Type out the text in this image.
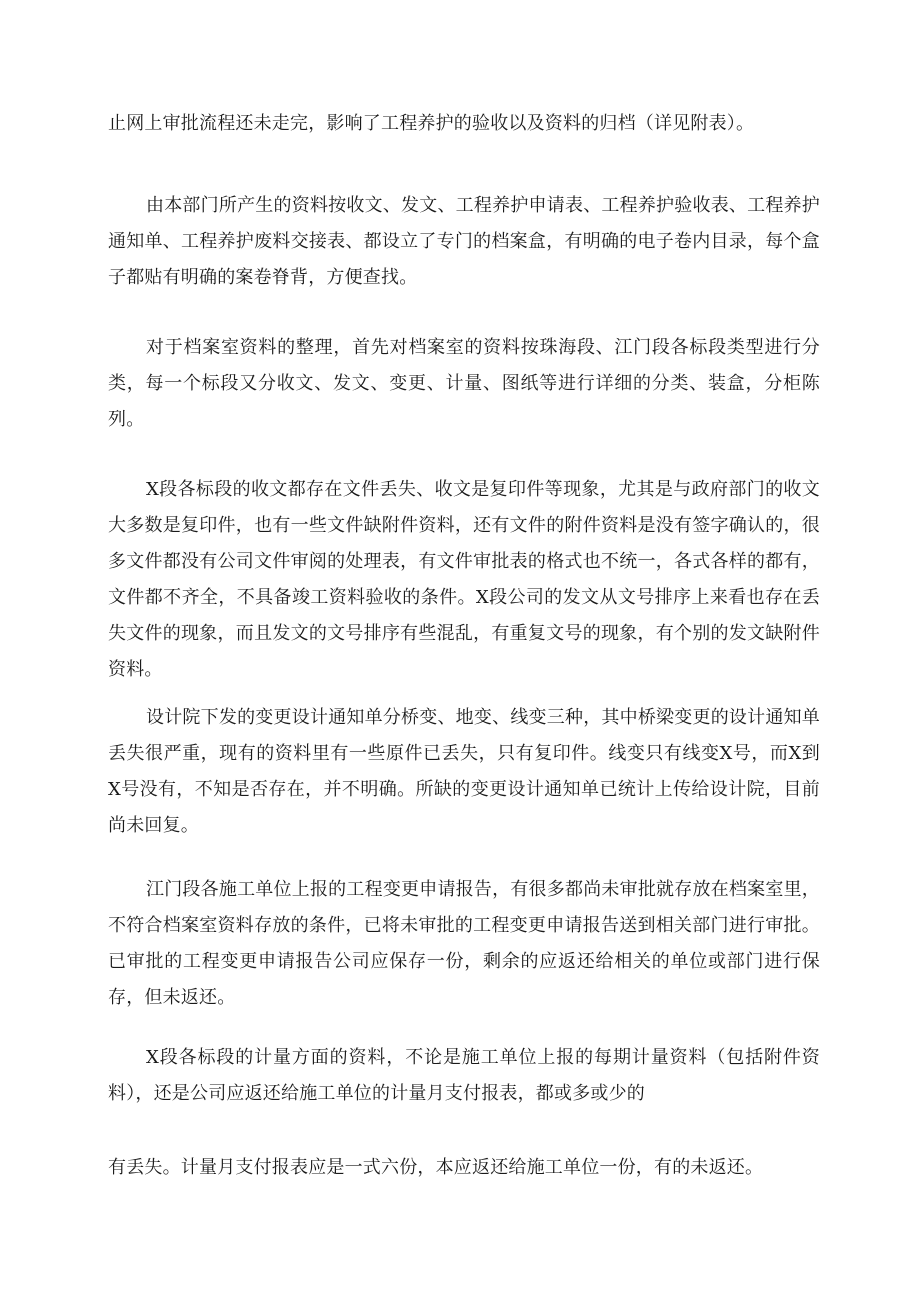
止网上审批流程还未走完，影响了工程养护的验收以及资料的归档（详见附表）。

由本部门所产生的资料按收文、发文、工程养护申请表、工程养护验收表、工程养护通知单、工程养护废料交接表、都设立了专门的档案盒，有明确的电子卷内目录，每个盒子都贴有明确的案卷脊背，方便查找。

对于档案室资料的整理，首先对档案室的资料按珠海段、江门段各标段类型进行分类，每一个标段又分收文、发文、变更、计量、图纸等进行详细的分类、装盒，分柜陈列。

X段各标段的收文都存在文件丢失、收文是复印件等现象，尤其是与政府部门的收文大多数是复印件，也有一些文件缺附件资料，还有文件的附件资料是没有签字确认的，很多文件都没有公司文件审阅的处理表，有文件审批表的格式也不统一，各式各样的都有，文件都不齐全，不具备竣工资料验收的条件。X段公司的发文从文号排序上来看也存在丢失文件的现象，而且发文的文号排序有些混乱，有重复文号的现象，有个别的发文缺附件资料。

设计院下发的变更设计通知单分桥变、地变、线变三种，其中桥梁变更的设计通知单丢失很严重，现有的资料里有一些原件已丢失，只有复印件。线变只有线变X号，而X到X号没有，不知是否存在，并不明确。所缺的变更设计通知单已统计上传给设计院，目前尚未回复。

江门段各施工单位上报的工程变更申请报告，有很多都尚未审批就存放在档案室里，不符合档案室资料存放的条件，已将未审批的工程变更申请报告送到相关部门进行审批。已审批的工程变更申请报告公司应保存一份，剩余的应返还给相关的单位或部门进行保存，但未返还。

X段各标段的计量方面的资料，不论是施工单位上报的每期计量资料（包括附件资料），还是公司应返还给施工单位的计量月支付报表，都或多或少的

有丢失。计量月支付报表应是一式六份，本应返还给施工单位一份，有的未返还。
